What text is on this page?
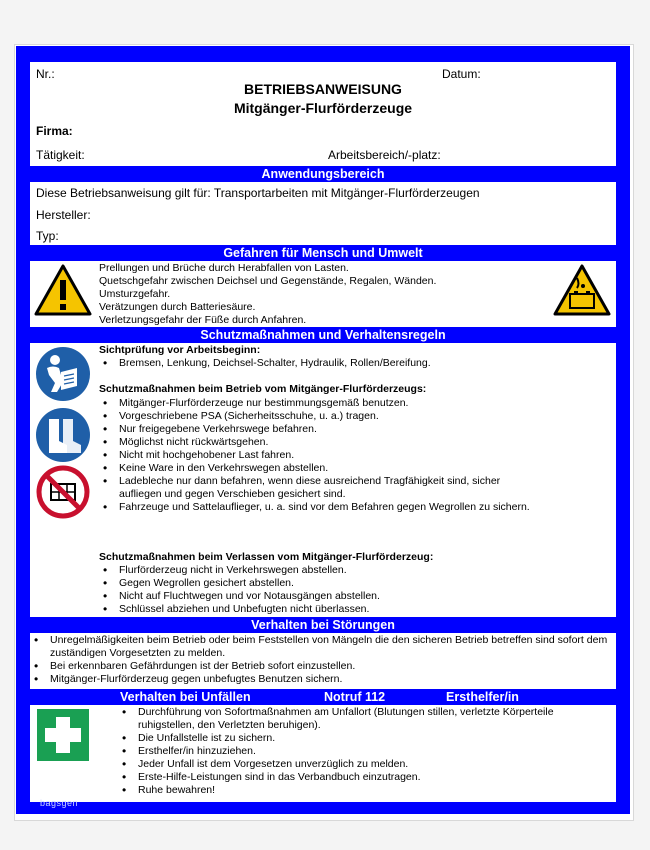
Nr.:	Datum:
BETRIEBSANWEISUNG
Mitgänger-Flurförderzeuge
Firma:
Tätigkeit:	Arbeitsbereich/-platz:
Anwendungsbereich
Diese Betriebsanweisung gilt für: Transportarbeiten mit Mitgänger-Flurförderzeugen
Hersteller:
Typ:
Gefahren für Mensch und Umwelt
Prellungen und Brüche durch Herabfallen von Lasten.
Quetschgefahr zwischen Deichsel und Gegenstände, Regalen, Wänden.
Umsturzgefahr.
Verätzungen durch Batteriesäure.
Verletzungsgefahr der Füße durch Anfahren.
Schutzmaßnahmen und Verhaltensregeln
Sichtprüfung vor Arbeitsbeginn:
• Bremsen, Lenkung, Deichsel-Schalter, Hydraulik, Rollen/Bereifung.
Schutzmaßnahmen beim Betrieb vom Mitgänger-Flurförderzeugs:
• Mitgänger-Flurförderzeuge nur bestimmungsgemäß benutzen.
• Vorgeschriebene PSA (Sicherheitsschuhe, u. a.) tragen.
• Nur freigegebene Verkehrswege befahren.
• Möglichst nicht rückwärtsgehen.
• Nicht mit hochgehobener Last fahren.
• Keine Ware in den Verkehrswegen abstellen.
• Ladebleche nur dann befahren, wenn diese ausreichend Tragfähigkeit sind, sicher aufliegen und gegen Verschieben gesichert sind.
• Fahrzeuge und Sattelauflieger, u. a. sind vor dem Befahren gegen Wegrollen zu sichern.
Schutzmaßnahmen beim Verlassen vom Mitgänger-Flurförderzeug:
• Flurförderzeug nicht in Verkehrswegen abstellen.
• Gegen Wegrollen gesichert abstellen.
• Nicht auf Fluchtwegen und vor Notausgängen abstellen.
• Schlüssel abziehen und Unbefugten nicht überlassen.
Verhalten bei Störungen
• Unregelmäßigkeiten beim Betrieb oder beim Feststellen von Mängeln die den sicheren Betrieb betreffen sind sofort dem zuständigen Vorgesetzten zu melden.
• Bei erkennbaren Gefährdungen ist der Betrieb sofort einzustellen.
• Mitgänger-Flurförderzeug gegen unbefugtes Benutzen sichern.
Verhalten bei Unfällen	Notruf 112	Ersthelfer/in
• Durchführung von Sofortmaßnahmen am Unfallort (Blutungen stillen, verletzte Körperteile ruhigstellen, den Verletzten beruhigen).
• Die Unfallstelle ist zu sichern.
• Ersthelfer/in hinzuziehen.
• Jeder Unfall ist dem Vorgesetzen unverzüglich zu melden.
• Erste-Hilfe-Leistungen sind in das Verbandbuch einzutragen.
• Ruhe bewahren!
bagsgen
